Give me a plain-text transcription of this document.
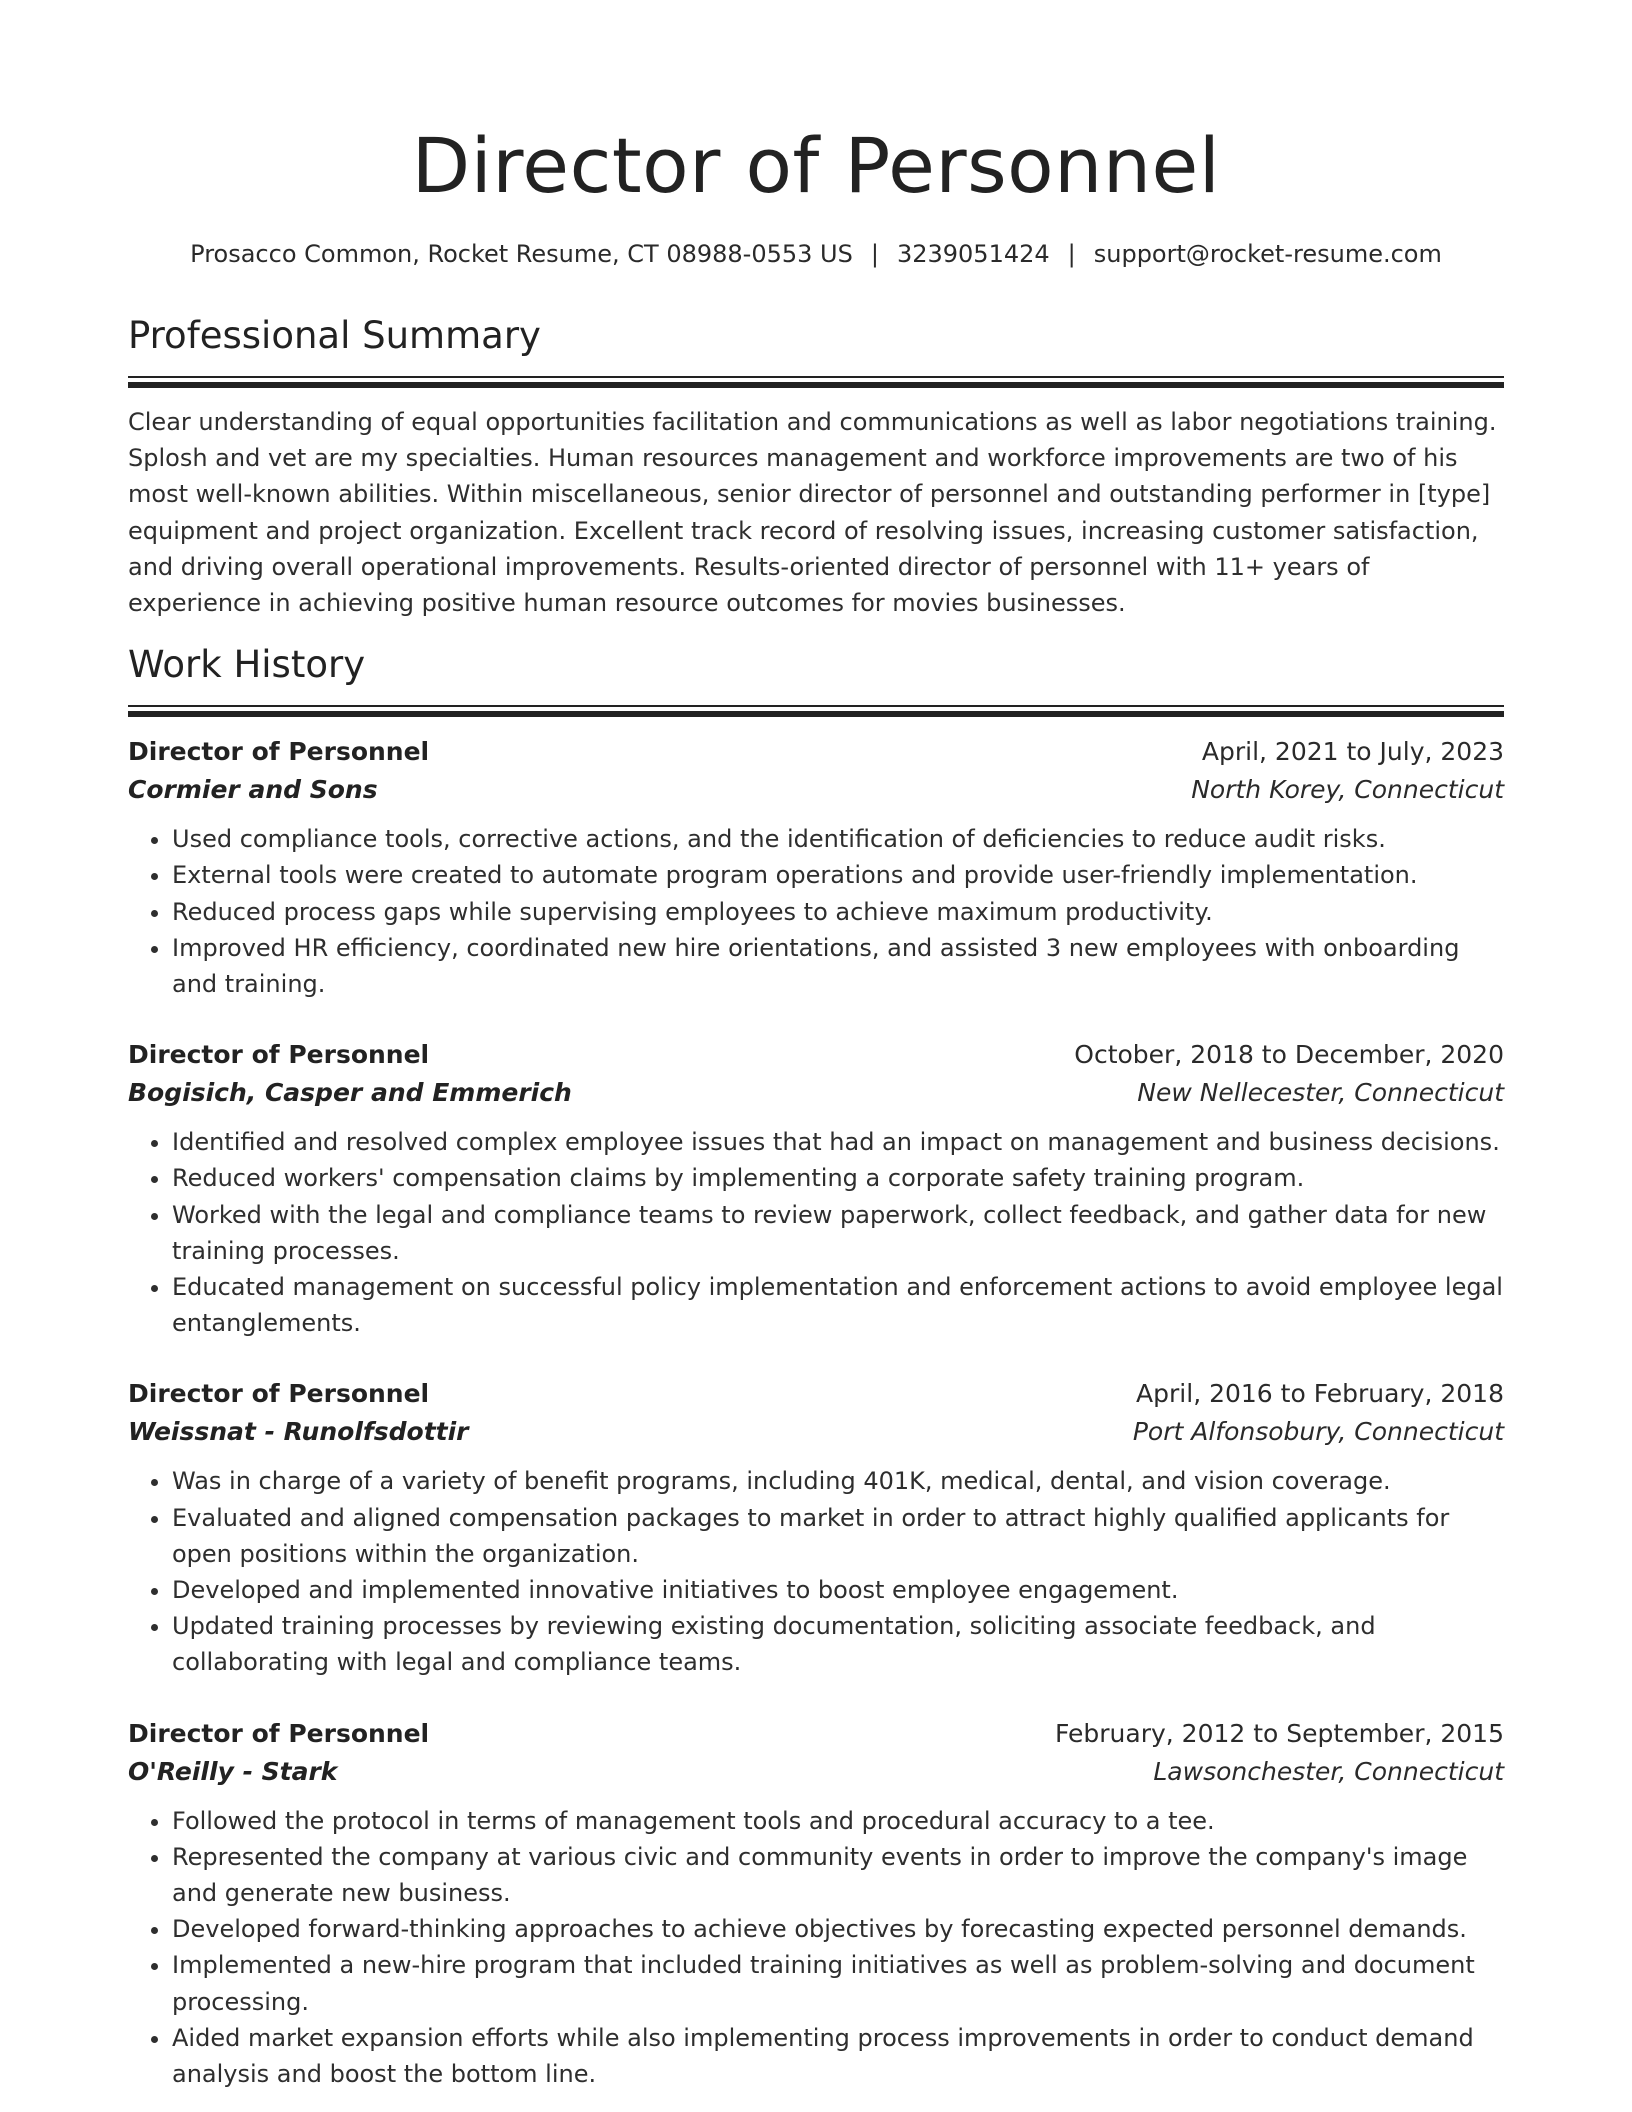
Director of Personnel
Prosacco Common, Rocket Resume, CT 08988-0553 US | 3239051424 | support@rocket-resume.com
Professional Summary
Clear understanding of equal opportunities facilitation and communications as well as labor negotiations training. Splosh and vet are my specialties. Human resources management and workforce improvements are two of his most well-known abilities. Within miscellaneous, senior director of personnel and outstanding performer in [type] equipment and project organization. Excellent track record of resolving issues, increasing customer satisfaction, and driving overall operational improvements. Results-oriented director of personnel with 11+ years of experience in achieving positive human resource outcomes for movies businesses.
Work History
Director of Personnel	April, 2021 to July, 2023
Cormier and Sons	North Korey, Connecticut
• Used compliance tools, corrective actions, and the identification of deficiencies to reduce audit risks.
• External tools were created to automate program operations and provide user-friendly implementation.
• Reduced process gaps while supervising employees to achieve maximum productivity.
• Improved HR efficiency, coordinated new hire orientations, and assisted 3 new employees with onboarding and training.
Director of Personnel	October, 2018 to December, 2020
Bogisich, Casper and Emmerich	New Nellecester, Connecticut
• Identified and resolved complex employee issues that had an impact on management and business decisions.
• Reduced workers' compensation claims by implementing a corporate safety training program.
• Worked with the legal and compliance teams to review paperwork, collect feedback, and gather data for new training processes.
• Educated management on successful policy implementation and enforcement actions to avoid employee legal entanglements.
Director of Personnel	April, 2016 to February, 2018
Weissnat - Runolfsdottir	Port Alfonsobury, Connecticut
• Was in charge of a variety of benefit programs, including 401K, medical, dental, and vision coverage.
• Evaluated and aligned compensation packages to market in order to attract highly qualified applicants for open positions within the organization.
• Developed and implemented innovative initiatives to boost employee engagement.
• Updated training processes by reviewing existing documentation, soliciting associate feedback, and collaborating with legal and compliance teams.
Director of Personnel	February, 2012 to September, 2015
O'Reilly - Stark	Lawsonchester, Connecticut
• Followed the protocol in terms of management tools and procedural accuracy to a tee.
• Represented the company at various civic and community events in order to improve the company's image and generate new business.
• Developed forward-thinking approaches to achieve objectives by forecasting expected personnel demands.
• Implemented a new-hire program that included training initiatives as well as problem-solving and document processing.
• Aided market expansion efforts while also implementing process improvements in order to conduct demand analysis and boost the bottom line.
